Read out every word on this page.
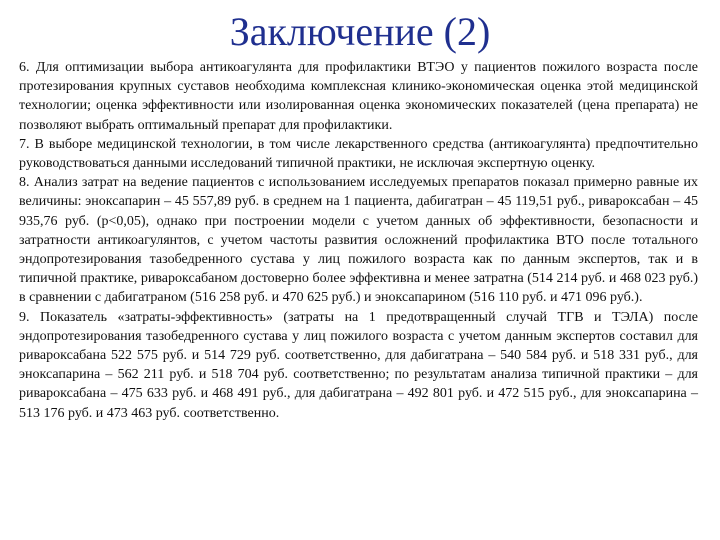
Заключение (2)

6. Для оптимизации выбора антикоагулянта для профилактики ВТЭО у пациентов пожилого возраста после протезирования крупных суставов необходима комплексная клинико-экономическая оценка этой медицинской технологии; оценка эффективности или изолированная оценка экономических показателей (цена препарата) не позволяют выбрать оптимальный препарат для профилактики.

7. В выборе медицинской технологии, в том числе лекарственного средства (антикоагулянта) предпочтительно руководствоваться данными исследований типичной практики, не исключая экспертную оценку.

8. Анализ затрат на ведение пациентов с использованием исследуемых препаратов показал примерно равные их величины: эноксапарин – 45 557,89 руб. в среднем на 1 пациента, дабигатран – 45 119,51 руб., ривароксабан – 45 935,76 руб. (p<0,05), однако при построении модели с учетом данных об эффективности, безопасности и затратности антикоагулянтов, с учетом частоты развития осложнений профилактика ВТО после тотального эндопротезирования тазобедренного сустава у лиц пожилого возраста как по данным экспертов, так и в типичной практике, ривароксабаном достоверно более эффективна и менее затратна (514 214 руб. и 468 023 руб.) в сравнении с дабигатраном (516 258 руб. и 470 625 руб.) и эноксапарином (516 110 руб. и 471 096 руб.).

9. Показатель «затраты-эффективность» (затраты на 1 предотвращенный случай ТГВ и ТЭЛА) после эндопротезирования тазобедренного сустава у лиц пожилого возраста с учетом данным экспертов составил для ривароксабана 522 575 руб. и 514 729 руб. соответственно, для дабигатрана – 540 584 руб. и 518 331 руб., для эноксапарина – 562 211 руб. и 518 704 руб. соответственно; по результатам анализа типичной практики – для ривароксабана – 475 633 руб. и 468 491 руб., для дабигатрана – 492 801 руб. и 472 515 руб., для эноксапарина – 513 176 руб. и 473 463 руб. соответственно.
